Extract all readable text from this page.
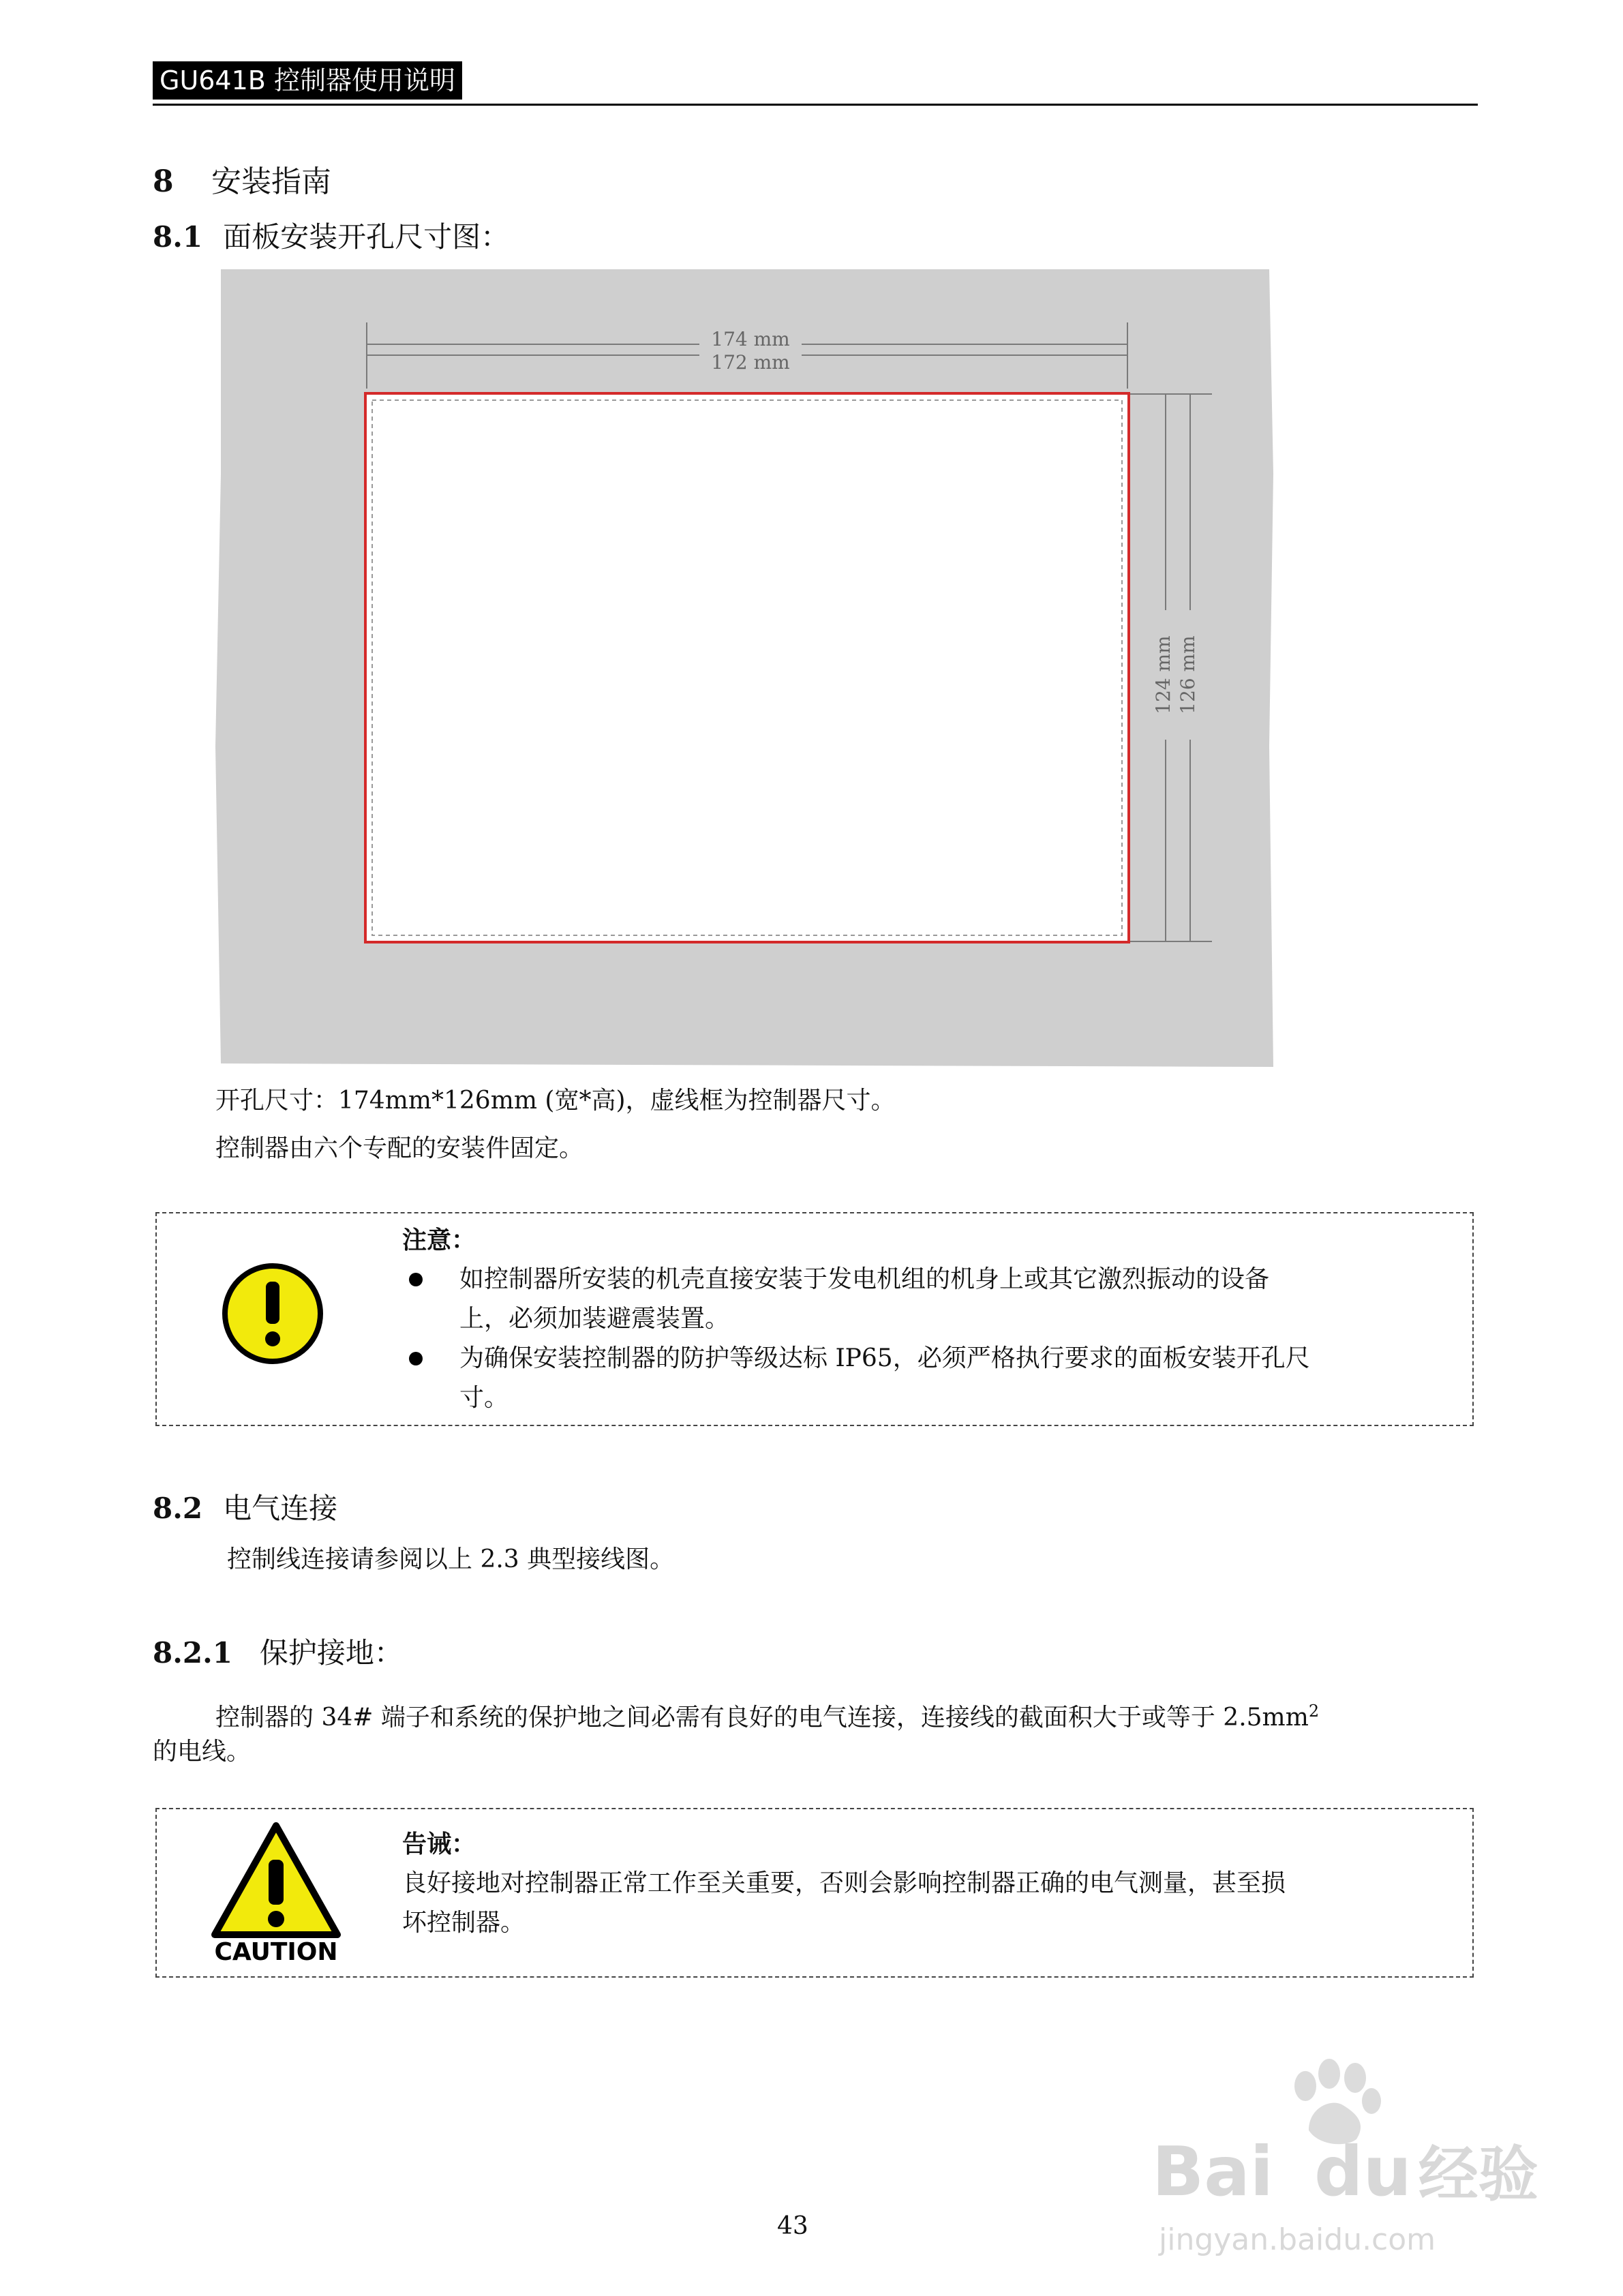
GU641B 控制器使用说明
8 安装指南
8.1 面板安装开孔尺寸图：
174 mm
172 mm
124 mm 126 mm
开孔尺寸：174mm*126mm (宽*高)，虚线框为控制器尺寸。
控制器由六个专配的安装件固定。
注意：
如控制器所安装的机壳直接安装于发电机组的机身上或其它激烈振动的设备
上，必须加装避震装置。
为确保安装控制器的防护等级达标 IP65，必须严格执行要求的面板安装开孔尺
寸。
8.2 电气连接
控制线连接请参阅以上 2.3 典型接线图。
8.2.1 保护接地：
控制器的 34# 端子和系统的保护地之间必需有良好的电气连接，连接线的截面积大于或等于 $2.5mm^2$
的电线。
CAUTION
告诫：
良好接地对控制器正常工作至关重要，否则会影响控制器正确的电气测量，甚至损
坏控制器。
43
Bai du 经验
jingyan.baidu.com
